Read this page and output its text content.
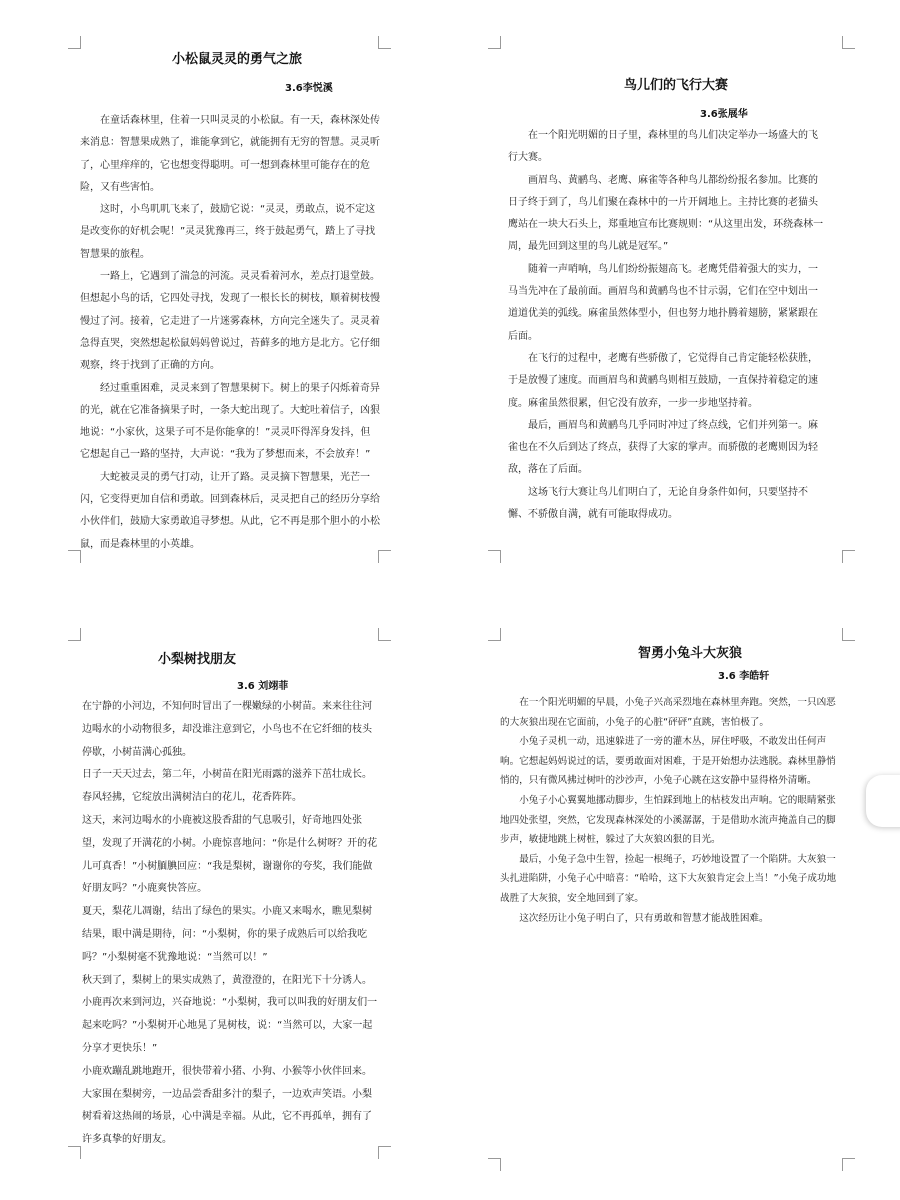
小松鼠灵灵的勇气之旅
3.6李悦溪

在童话森林里，住着一只叫灵灵的小松鼠。有一天，森林深处传来消息：智慧果成熟了，谁能拿到它，就能拥有无穷的智慧。灵灵听了，心里痒痒的，它也想变得聪明。可一想到森林里可能存在的危险，又有些害怕。

这时，小鸟叽叽飞来了，鼓励它说：“灵灵，勇敢点，说不定这是改变你的好机会呢！”灵灵犹豫再三，终于鼓起勇气，踏上了寻找智慧果的旅程。

一路上，它遇到了湍急的河流。灵灵看着河水，差点打退堂鼓。但想起小鸟的话，它四处寻找，发现了一根长长的树枝，顺着树枝慢慢过了河。接着，它走进了一片迷雾森林，方向完全迷失了。灵灵着急得直哭，突然想起松鼠妈妈曾说过，苔藓多的地方是北方。它仔细观察，终于找到了正确的方向。

经过重重困难，灵灵来到了智慧果树下。树上的果子闪烁着奇异的光，就在它准备摘果子时，一条大蛇出现了。大蛇吐着信子，凶狠地说：“小家伙，这果子可不是你能拿的！”灵灵吓得浑身发抖，但它想起自己一路的坚持，大声说：“我为了梦想而来，不会放弃！”

大蛇被灵灵的勇气打动，让开了路。灵灵摘下智慧果，光芒一闪，它变得更加自信和勇敢。回到森林后，灵灵把自己的经历分享给小伙伴们，鼓励大家勇敢追寻梦想。从此，它不再是那个胆小的小松鼠，而是森林里的小英雄。

鸟儿们的飞行大赛
3.6张展华

在一个阳光明媚的日子里，森林里的鸟儿们决定举办一场盛大的飞行大赛。

画眉鸟、黄鹂鸟、老鹰、麻雀等各种鸟儿都纷纷报名参加。比赛的日子终于到了，鸟儿们聚在森林中的一片开阔地上。主持比赛的老猫头鹰站在一块大石头上，郑重地宣布比赛规则：“从这里出发，环绕森林一周，最先回到这里的鸟儿就是冠军。”

随着一声哨响，鸟儿们纷纷振翅高飞。老鹰凭借着强大的实力，一马当先冲在了最前面。画眉鸟和黄鹂鸟也不甘示弱，它们在空中划出一道道优美的弧线。麻雀虽然体型小，但也努力地扑腾着翅膀，紧紧跟在后面。

在飞行的过程中，老鹰有些骄傲了，它觉得自己肯定能轻松获胜，于是放慢了速度。而画眉鸟和黄鹂鸟则相互鼓励，一直保持着稳定的速度。麻雀虽然很累，但它没有放弃，一步一步地坚持着。

最后，画眉鸟和黄鹂鸟几乎同时冲过了终点线，它们并列第一。麻雀也在不久后到达了终点，获得了大家的掌声。而骄傲的老鹰则因为轻敌，落在了后面。

这场飞行大赛让鸟儿们明白了，无论自身条件如何，只要坚持不懈、不骄傲自满，就有可能取得成功。

小梨树找朋友
3.6 刘翊菲

在宁静的小河边，不知何时冒出了一棵嫩绿的小树苗。来来往往河边喝水的小动物很多，却没谁注意到它，小鸟也不在它纤细的枝头停歇，小树苗满心孤独。

日子一天天过去，第二年，小树苗在阳光雨露的滋养下茁壮成长。春风轻拂，它绽放出满树洁白的花儿，花香阵阵。

这天，来河边喝水的小鹿被这股香甜的气息吸引，好奇地四处张望，发现了开满花的小树。小鹿惊喜地问：“你是什么树呀？开的花儿可真香！”小树腼腆回应：“我是梨树，谢谢你的夸奖，我们能做好朋友吗？”小鹿爽快答应。

夏天，梨花儿凋谢，结出了绿色的果实。小鹿又来喝水，瞧见梨树结果，眼中满是期待，问：“小梨树，你的果子成熟后可以给我吃吗？”小梨树毫不犹豫地说：“当然可以！”

秋天到了，梨树上的果实成熟了，黄澄澄的，在阳光下十分诱人。小鹿再次来到河边，兴奋地说：“小梨树，我可以叫我的好朋友们一起来吃吗？”小梨树开心地晃了晃树枝，说：“当然可以，大家一起分享才更快乐！”

小鹿欢蹦乱跳地跑开，很快带着小猪、小狗、小猴等小伙伴回来。大家围在梨树旁，一边品尝香甜多汁的梨子，一边欢声笑语。小梨树看着这热闹的场景，心中满是幸福。从此，它不再孤单，拥有了许多真挚的好朋友。

智勇小兔斗大灰狼
3.6 李皓轩

在一个阳光明媚的早晨，小兔子兴高采烈地在森林里奔跑。突然，一只凶恶的大灰狼出现在它面前，小兔子的心脏“砰砰”直跳，害怕极了。

小兔子灵机一动，迅速躲进了一旁的灌木丛，屏住呼吸，不敢发出任何声响。它想起妈妈说过的话，要勇敢面对困难，于是开始想办法逃脱。森林里静悄悄的，只有微风拂过树叶的沙沙声，小兔子心跳在这安静中显得格外清晰。

小兔子小心翼翼地挪动脚步，生怕踩到地上的枯枝发出声响。它的眼睛紧张地四处张望，突然，它发现森林深处的小溪潺潺，于是借助水流声掩盖自己的脚步声，敏捷地跳上树桩，躲过了大灰狼凶狠的目光。

最后，小兔子急中生智，捡起一根绳子，巧妙地设置了一个陷阱。大灰狼一头扎进陷阱，小兔子心中暗喜：“哈哈，这下大灰狼肯定会上当！”小兔子成功地战胜了大灰狼，安全地回到了家。

这次经历让小兔子明白了，只有勇敢和智慧才能战胜困难。
